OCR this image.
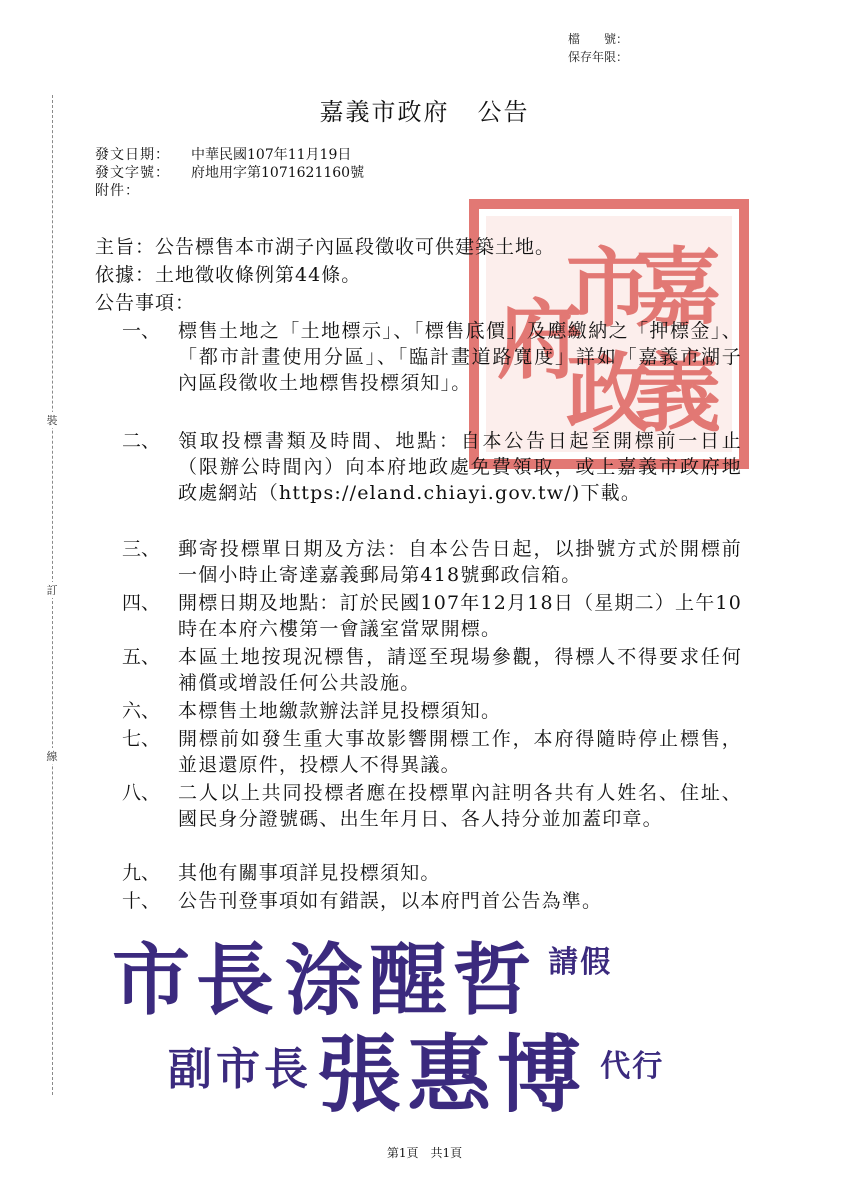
檔　　號：
保存年限：
裝
訂
線
嘉義市政府 公告
發文日期： 中華民國107年11月19日
發文字號： 府地用字第1071621160號
附件：
嘉
義
市
政
府
主旨：公告標售本市湖子內區段徵收可供建築土地。
依據：土地徵收條例第44條。
公告事項：
一、 標售土地之「土地標示」、「標售底價」及應繳納之「押標金」、「都市計畫使用分區」、「臨計畫道路寬度」詳如「嘉義市湖子內區段徵收土地標售投標須知」。
二、 領取投標書類及時間、地點：自本公告日起至開標前一日止（限辦公時間內）向本府地政處免費領取，或上嘉義市政府地政處網站（https://eland.chiayi.gov.tw/)下載。
三、 郵寄投標單日期及方法：自本公告日起，以掛號方式於開標前一個小時止寄達嘉義郵局第418號郵政信箱。
四、 開標日期及地點：訂於民國107年12月18日（星期二）上午10時在本府六樓第一會議室當眾開標。
五、 本區土地按現況標售，請逕至現場參觀，得標人不得要求任何補償或增設任何公共設施。
六、 本標售土地繳款辦法詳見投標須知。
七、 開標前如發生重大事故影響開標工作，本府得隨時停止標售，並退還原件，投標人不得異議。
八、 二人以上共同投標者應在投標單內註明各共有人姓名、住址、國民身分證號碼、出生年月日、各人持分並加蓋印章。
九、 其他有關事項詳見投標須知。
十、 公告刊登事項如有錯誤，以本府門首公告為準。
市長 涂醒哲 請假
副市長 張惠博 代行
第1頁 共1頁
